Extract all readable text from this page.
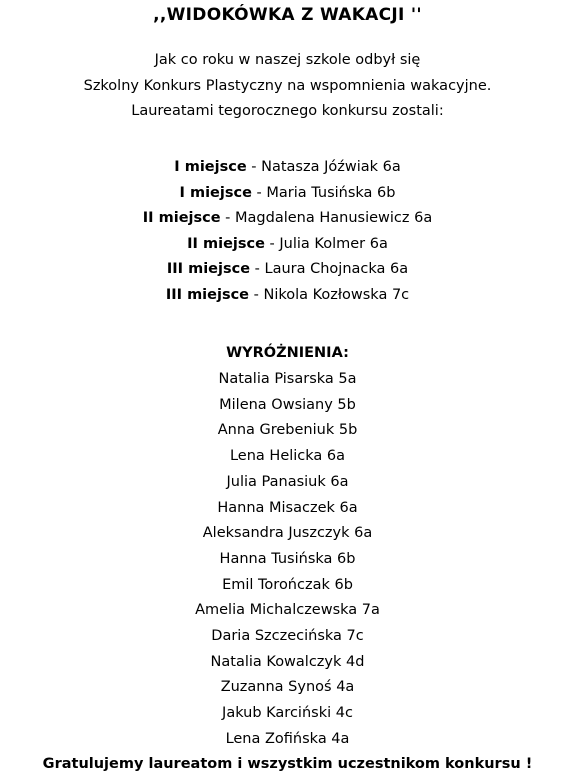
,,WIDOKÓWKA Z WAKACJI ''
Jak co roku w naszej szkole odbył się
Szkolny Konkurs Plastyczny na wspomnienia wakacyjne.
Laureatami tegorocznego konkursu zostali:
I miejsce - Natasza Jóźwiak 6a
I miejsce - Maria Tusińska 6b
II miejsce - Magdalena Hanusiewicz 6a
II miejsce - Julia Kolmer 6a
III miejsce - Laura Chojnacka 6a
III miejsce - Nikola Kozłowska 7c
WYRÓŻNIENIA:
Natalia Pisarska 5a
Milena Owsiany 5b
Anna Grebeniuk 5b
Lena Helicka 6a
Julia Panasiuk 6a
Hanna Misaczek 6a
Aleksandra Juszczyk 6a
Hanna Tusińska 6b
Emil Torończak 6b
Amelia Michalczewska 7a
Daria Szczecińska 7c
Natalia Kowalczyk 4d
Zuzanna Synoś 4a
Jakub Karciński 4c
Lena Zofińska 4a
Gratulujemy laureatom i wszystkim uczestnikom konkursu !
